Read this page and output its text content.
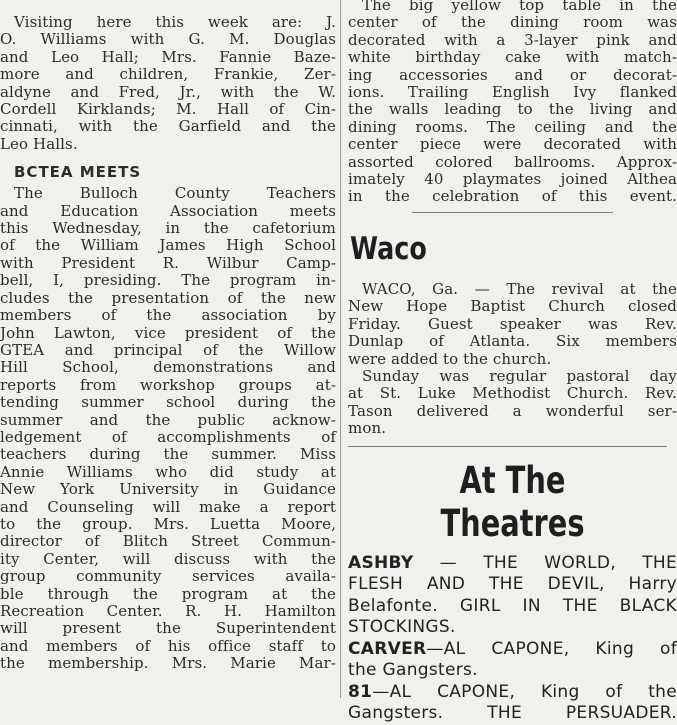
Visiting here this week are: J.
O. Williams with G. M. Douglas
and Leo Hall; Mrs. Fannie Baze-
more and children, Frankie, Zer-
aldyne and Fred, Jr., with the W.
Cordell Kirklands; M. Hall of Cin-
cinnati, with the Garfield and the
Leo Halls.
BCTEA MEETS
The Bulloch County Teachers
and Education Association meets
this Wednesday, in the cafetorium
of the William James High School
with President R. Wilbur Camp-
bell, I, presiding. The program in-
cludes the presentation of the new
members of the association by
John Lawton, vice president of the
GTEA and principal of the Willow
Hill School, demonstrations and
reports from workshop groups at-
tending summer school during the
summer and the public acknow-
ledgement of accomplishments of
teachers during the summer. Miss
Annie Williams who did study at
New York University in Guidance
and Counseling will make a report
to the group. Mrs. Luetta Moore,
director of Blitch Street Commun-
ity Center, will discuss with the
group community services availa-
ble through the program at the
Recreation Center. R. H. Hamilton
will present the Superintendent
and members of his office staff to
the membership. Mrs. Marie Mar-
The big yellow top table in the
center of the dining room was
decorated with a 3-layer pink and
white birthday cake with match-
ing accessories and or decorat-
ions. Trailing English Ivy flanked
the walls leading to the living and
dining rooms. The ceiling and the
center piece were decorated with
assorted colored ballrooms. Approx-
imately 40 playmates joined Althea
in the celebration of this event.
Waco
WACO, Ga. — The revival at the
New Hope Baptist Church closed
Friday. Guest speaker was Rev.
Dunlap of Atlanta. Six members
were added to the church.
Sunday was regular pastoral day
at St. Luke Methodist Church. Rev.
Tason delivered a wonderful ser-
mon.
At The Theatres
ASHBY — THE WORLD, THE
FLESH AND THE DEVIL, Harry
Belafonte. GIRL IN THE BLACK
STOCKINGS.
CARVER—AL CAPONE, King of
the Gangsters.
81—AL CAPONE, King of the
Gangsters. THE PERSUADER.
